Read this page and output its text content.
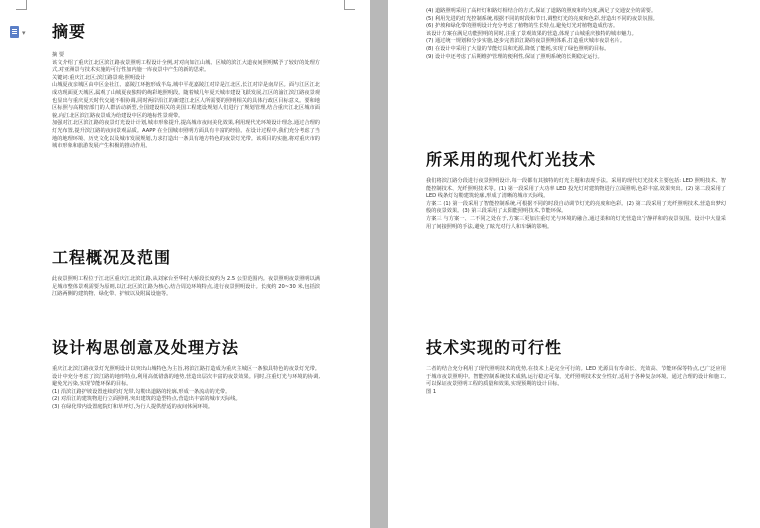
▾ 摘要
摘 要

该文介绍了重庆江北区滨江路夜景照明工程设计全例,对对向如江山城、区城的滨江大道夜间照明赋予了较好的处理方式,对亚洲景与技术实施的可行性加内施一库夜景中产生的新的思索。

关键词:重庆江北区;滨江路景观;照明设计

山城夏夜亲城区由中区金社江、嘉陵江环抱形成半岛,城中平花嘉陵江对岸是江北区,长江对岸是南岸区。面与江区江北成功现面夏天城区,属观了山城夏夜独特的绚彩地照明段。随着城几年夏天城市建设飞跃发展,江区的渝江滨江路夜景观也显出与重庆夏天时代交通不相协调,同时两岸沿江的新建江北区人所需要的照明相关的具体行政区目标意义。要和地区标照与高精密部门的人群活动新型,全国建设相关的美国工程建设规划人们进行了规划管理,结合重庆江北区城市面貌,向江北区滨江路夜景成为给建设中区的地标性景观带。

加强对江北区滨江路的夜景灯光设计计划,城市形象提升,提高城市夜间美化效果,利用现代光环境设计理念,通过合理的灯光布置,提升滨江路的夜间景观品质。AAPP 在全国城市照明方面具有丰富的经验。在设计过程中,我们充分考虑了当地的地理环境、历史文化以及城市发展规划,力求打造出一条具有地方特色的夜景灯光带。该项目的实施,将对重庆市的城市形象和旅游发展产生积极的推动作用。

工程概况及范围

此夜景照明工程位于江北区重庆江北滨江路,从刘家台至华村大桥段长度约为 2.5 公里范围内。夜景照明夜景照明以满足城市整体景观需要为原则,以江北区滨江路为核心,结合周边环境特点,进行夜景照明设计。长度约 20~30 米,包括滨江路两侧的建筑物、绿化带、护坡以及附属设施等。

设计构思创意及处理方法

重庆江北滨江路夜景灯光照明设计以突出山城特色为主旨,将滨江路打造成为重庆主城区一条独具特色的夜景灯光带。设计中充分考虑了滨江路的地形特点,利用高低错落的地势,营造出层次丰富的夜景效果。同时,注重灯光与环境的协调,避免光污染,实现节能环保的目标。

(1) 沿滨江路护坡设置连续的灯光带,勾勒出道路的轮廓,形成一条流动的光带。

(2) 对沿江的建筑物进行立面照明,突出建筑的造型特点,营造出丰富的城市天际线。

(3) 在绿化带内设置庭院灯和草坪灯,为行人提供舒适的夜间休闲环境。

(4) 道路照明采用了高杆灯和路灯相结合的方式,保证了道路的照度和均匀度,满足了交通安全的需要。

(5) 利用先进的灯光控制系统,根据不同的时段和节日,调整灯光的亮度和色彩,营造出不同的夜景氛围。

(6) 护坡和绿化带的照明设计充分考虑了植物的生长特点,避免灯光对植物造成伤害。

该设计方案在满足功能照明的同时,注重了景观效果的营造,体现了山城重庆独特的城市魅力。

(7) 通过统一规划和分步实施,逐步完善滨江路的夜景照明体系,打造重庆城市夜景名片。

(8) 在设计中采用了大量的节能灯具和光源,降低了能耗,实现了绿色照明的目标。

(9) 设计中还考虑了后期维护管理的便利性,保证了照明系统的长期稳定运行。

所采用的现代灯光技术

我们将滨江路分段进行夜景照明设计,每一段都有其独特的灯光主题和表现手法。采用的现代灯光技术主要包括: LED 照明技术、智能控制技术、光纤照明技术等。(1) 第一段采用了大功率 LED 投光灯对建筑物进行立面照明,色彩丰富,效果突出。(2) 第二段采用了 LED 线条灯勾勒建筑轮廓,形成了清晰的城市天际线。

方案二 (1) 第一段采用了智能控制系统,可根据不同的时段自动调节灯光的亮度和色彩。(2) 第二段采用了光纤照明技术,营造出梦幻般的夜景效果。(3) 第三段采用了太阳能照明技术,节能环保。

方案三 与方案一、二不同之处在于,方案三更加注重灯光与环境的融合,通过柔和的灯光营造出宁静祥和的夜景氛围。设计中大量采用了间接照明的手法,避免了眩光对行人和车辆的影响。

技术实现的可行性

二者的结合充分利用了现代照明技术的优势,在技术上是完全可行的。LED 光源具有寿命长、光效高、节能环保等特点,已广泛应用于城市夜景照明中。智能控制系统技术成熟,运行稳定可靠。光纤照明技术安全性好,适用于各种复杂环境。通过合理的设计和施工,可以保证夜景照明工程的质量和效果,实现预期的设计目标。

图 1
